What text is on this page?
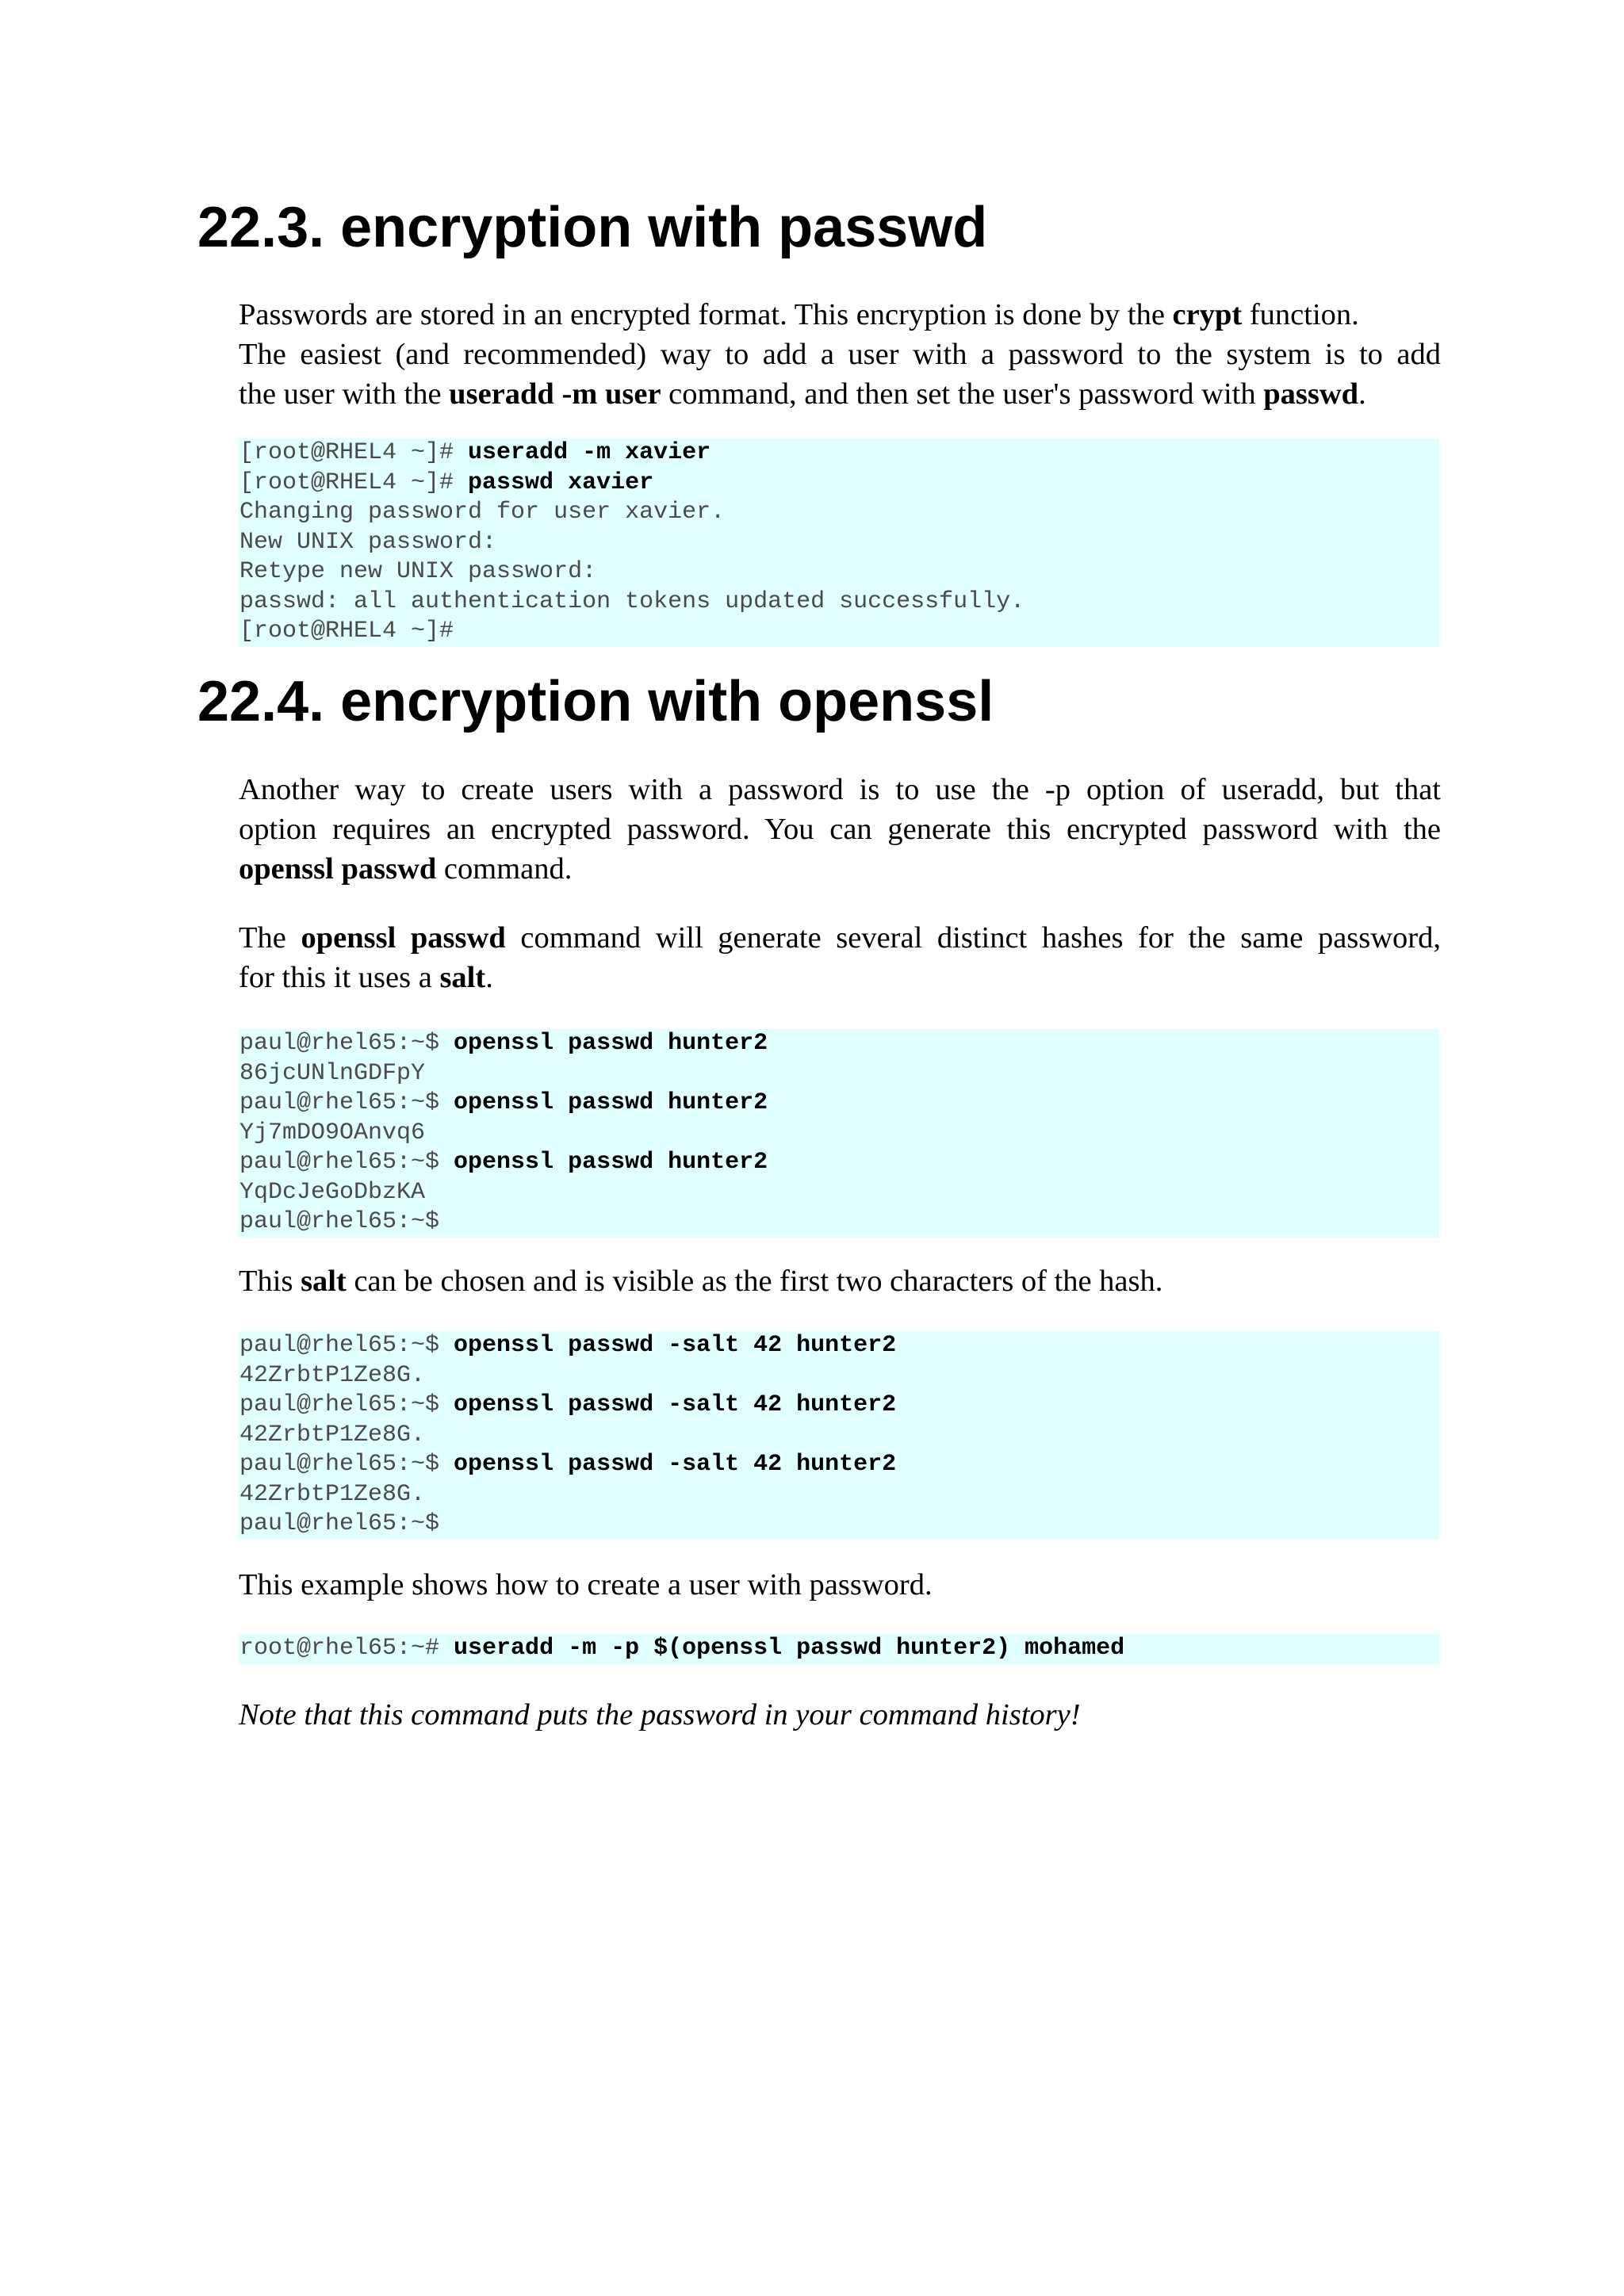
22.3. encryption with passwd
Passwords are stored in an encrypted format. This encryption is done by the crypt function.
The easiest (and recommended) way to add a user with a password to the system is to add
the user with the useradd -m user command, and then set the user's password with passwd.
[root@RHEL4 ~]# useradd -m xavier
[root@RHEL4 ~]# passwd xavier
Changing password for user xavier.
New UNIX password:
Retype new UNIX password:
passwd: all authentication tokens updated successfully.
[root@RHEL4 ~]#
22.4. encryption with openssl
Another way to create users with a password is to use the -p option of useradd, but that
option requires an encrypted password. You can generate this encrypted password with the
openssl passwd command.
The openssl passwd command will generate several distinct hashes for the same password,
for this it uses a salt.
paul@rhel65:~$ openssl passwd hunter2
86jcUNlnGDFpY
paul@rhel65:~$ openssl passwd hunter2
Yj7mDO9OAnvq6
paul@rhel65:~$ openssl passwd hunter2
YqDcJeGoDbzKA
paul@rhel65:~$
This salt can be chosen and is visible as the first two characters of the hash.
paul@rhel65:~$ openssl passwd -salt 42 hunter2
42ZrbtP1Ze8G.
paul@rhel65:~$ openssl passwd -salt 42 hunter2
42ZrbtP1Ze8G.
paul@rhel65:~$ openssl passwd -salt 42 hunter2
42ZrbtP1Ze8G.
paul@rhel65:~$
This example shows how to create a user with password.
root@rhel65:~# useradd -m -p $(openssl passwd hunter2) mohamed
Note that this command puts the password in your command history!
